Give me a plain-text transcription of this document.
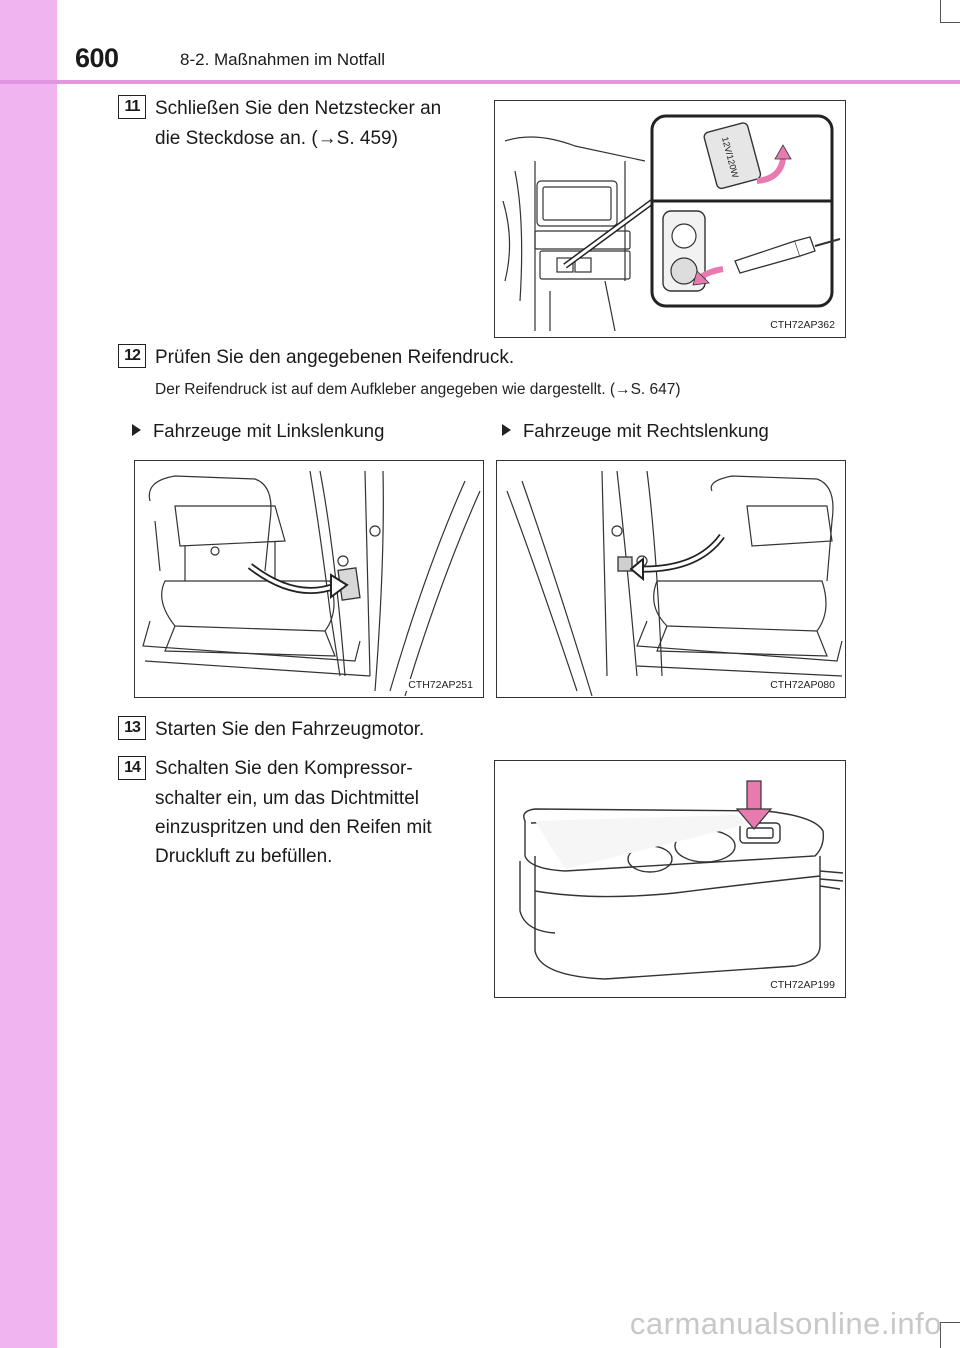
600	8-2. Maßnahmen im Notfall
11 Schließen Sie den Netzstecker an
die Steckdose an. (→S. 459)	12V/120W
CTH72AP362
12 Prüfen Sie den angegebenen Reifendruck.
Der Reifendruck ist auf dem Aufkleber angegeben wie dargestellt. (→S. 647)
Fahrzeuge mit Linkslenkung	Fahrzeuge mit Rechtslenkung
CTH72AP251	CTH72AP080
13 Starten Sie den Fahrzeugmotor.
14 Schalten Sie den Kompressor-
schalter ein, um das Dichtmittel
einzuspritzen und den Reifen mit
Druckluft zu befüllen.
CTH72AP199
carmanualsonline.info
